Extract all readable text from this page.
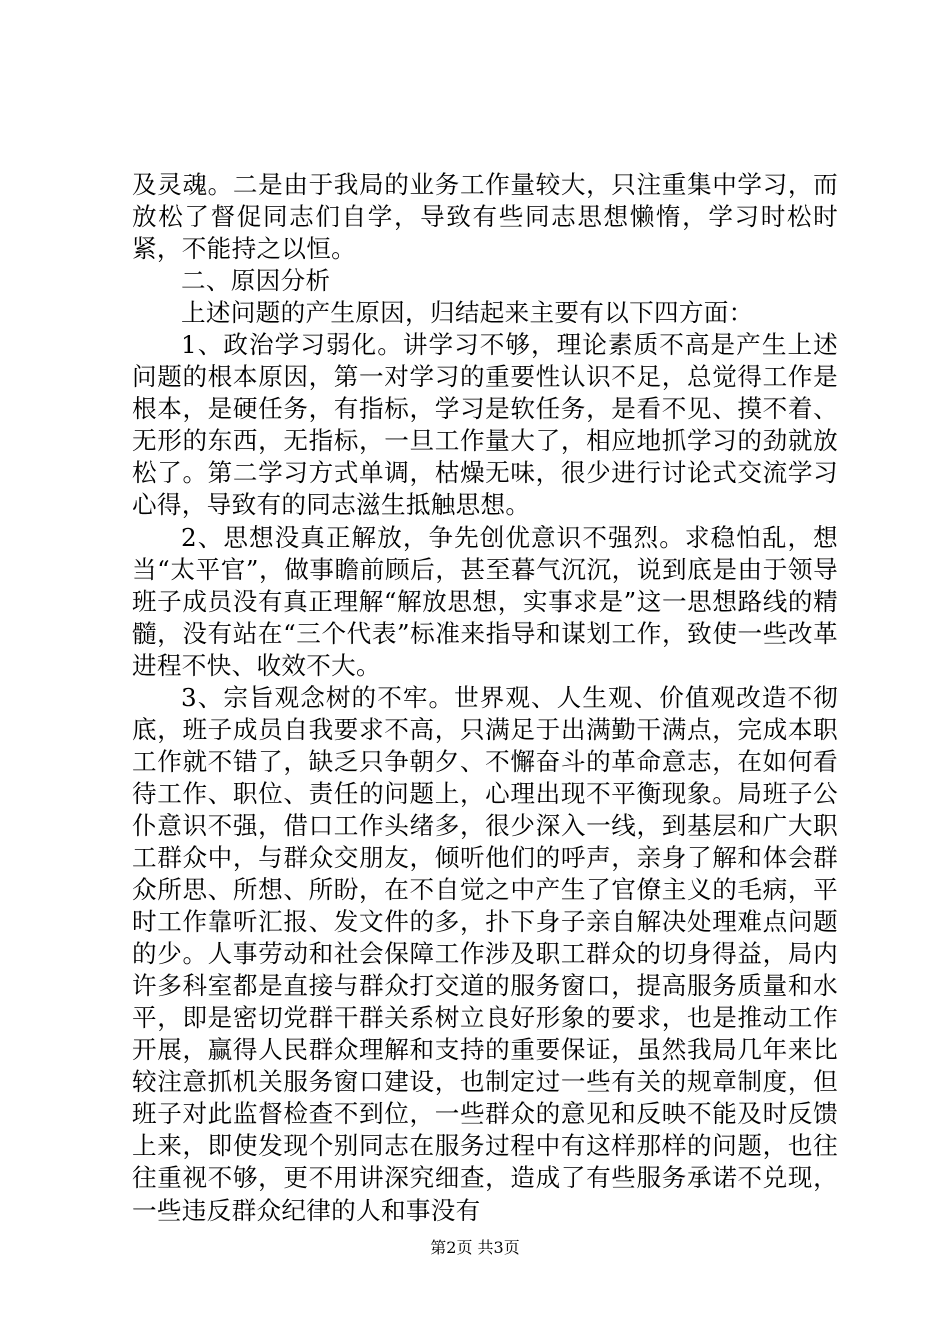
及灵魂。二是由于我局的业务工作量较大，只注重集中学习，而放松了督促同志们自学，导致有些同志思想懒惰，学习时松时紧，不能持之以恒。

二、原因分析

上述问题的产生原因，归结起来主要有以下四方面：

1、政治学习弱化。讲学习不够，理论素质不高是产生上述问题的根本原因，第一对学习的重要性认识不足，总觉得工作是根本，是硬任务，有指标，学习是软任务，是看不见、摸不着、无形的东西，无指标，一旦工作量大了，相应地抓学习的劲就放松了。第二学习方式单调，枯燥无味，很少进行讨论式交流学习心得，导致有的同志滋生抵触思想。

2、思想没真正解放，争先创优意识不强烈。求稳怕乱，想当“太平官”，做事瞻前顾后，甚至暮气沉沉，说到底是由于领导班子成员没有真正理解“解放思想，实事求是”这一思想路线的精髓，没有站在“三个代表”标准来指导和谋划工作，致使一些改革进程不快、收效不大。

3、宗旨观念树的不牢。世界观、人生观、价值观改造不彻底，班子成员自我要求不高，只满足于出满勤干满点，完成本职工作就不错了，缺乏只争朝夕、不懈奋斗的革命意志，在如何看待工作、职位、责任的问题上，心理出现不平衡现象。局班子公仆意识不强，借口工作头绪多，很少深入一线，到基层和广大职工群众中，与群众交朋友，倾听他们的呼声，亲身了解和体会群众所思、所想、所盼，在不自觉之中产生了官僚主义的毛病，平时工作靠听汇报、发文件的多，扑下身子亲自解决处理难点问题的少。人事劳动和社会保障工作涉及职工群众的切身得益，局内许多科室都是直接与群众打交道的服务窗口，提高服务质量和水平，即是密切党群干群关系树立良好形象的要求，也是推动工作开展，赢得人民群众理解和支持的重要保证，虽然我局几年来比较注意抓机关服务窗口建设，也制定过一些有关的规章制度，但班子对此监督检查不到位，一些群众的意见和反映不能及时反馈上来，即使发现个别同志在服务过程中有这样那样的问题，也往往重视不够，更不用讲深究细查，造成了有些服务承诺不兑现，一些违反群众纪律的人和事没有

第2页 共3页
